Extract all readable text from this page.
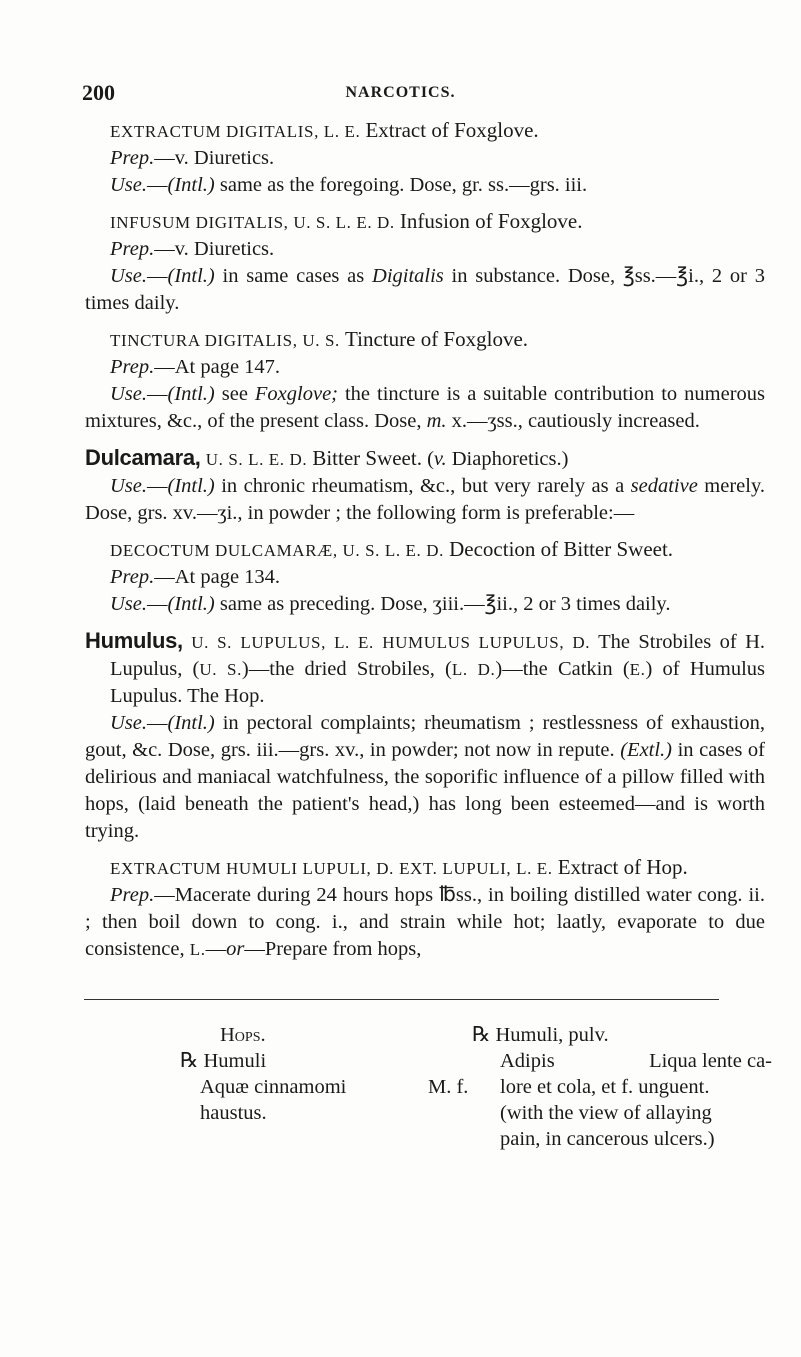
200	NARCOTICS.

EXTRACTUM DIGITALIS, L. E. Extract of Foxglove.

Prep.—v. Diuretics.

Use.—(Intl.) same as the foregoing. Dose, gr. ss.—grs. iii.

INFUSUM DIGITALIS, U. S. L. E. D. Infusion of Foxglove.

Prep.—v. Diuretics.

Use.—(Intl.) in same cases as Digitalis in substance. Dose, ℥ss.—℥i., 2 or 3 times daily.

TINCTURA DIGITALIS, U. S. Tincture of Foxglove.

Prep.—At page 147.

Use.—(Intl.) see Foxglove; the tincture is a suitable contribution to numerous mixtures, &c., of the present class. Dose, m. x.—ʒss., cautiously increased.

Dulcamara, U. S. L. E. D. Bitter Sweet. (v. Diaphoretics.)

Use.—(Intl.) in chronic rheumatism, &c., but very rarely as a sedative merely. Dose, grs. xv.—ʒi., in powder ; the following form is preferable:—

DECOCTUM DULCAMARÆ, U. S. L. E. D. Decoction of Bitter Sweet.

Prep.—At page 134.

Use.—(Intl.) same as preceding. Dose, ʒiii.—℥ii., 2 or 3 times daily.

Humulus, U. S. LUPULUS, L. E. HUMULUS LUPULUS, D. The Strobiles of H. Lupulus, (U. S.)—the dried Strobiles, (L. D.)—the Catkin (E.) of Humulus Lupulus. The Hop.

Use.—(Intl.) in pectoral complaints; rheumatism ; restlessness of exhaustion, gout, &c. Dose, grs. iii.—grs. xv., in powder; not now in repute. (Extl.) in cases of delirious and maniacal watchfulness, the soporific influence of a pillow filled with hops, (laid beneath the patient's head,) has long been esteemed—and is worth trying.

EXTRACTUM HUMULI LUPULI, D. EXT. LUPULI, L. E. Extract of Hop.

Prep.—Macerate during 24 hours hops ℔ss., in boiling distilled water cong. ii. ; then boil down to cong. i., and strain while hot; laatly, evaporate to due consistence, L.—or—Prepare from hops,

Hops.
℞ Humuli
Aquæ cinnamomi
haustus.
M. f.
℞ Humuli, pulv.
Adipis	Liqua lente ca-
lore et cola, et f. unguent.
(with the view of allaying
pain, in cancerous ulcers.)
